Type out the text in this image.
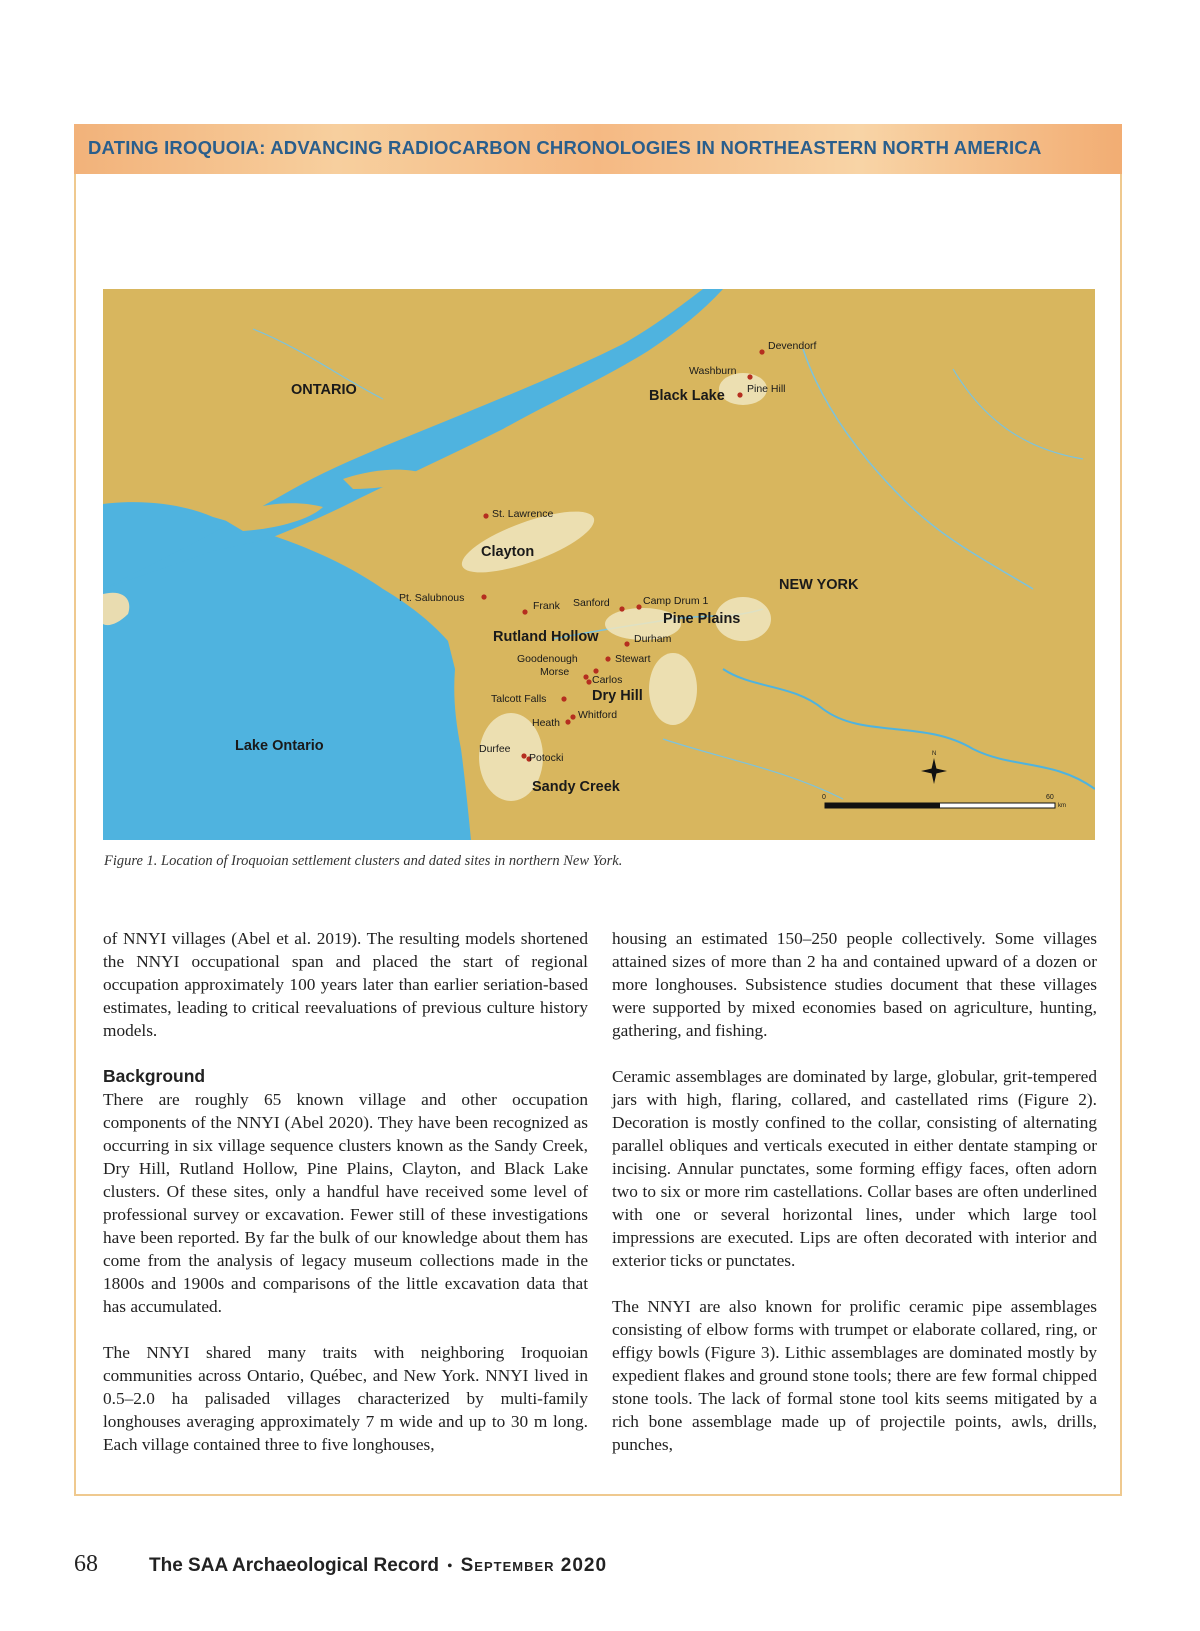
DATING IROQUOIA: ADVANCING RADIOCARBON CHRONOLOGIES IN NORTHEASTERN NORTH AMERICA
ONTARIO
NEW YORK
Lake Ontario
Black Lake
Clayton
Rutland Hollow
Pine Plains
Dry Hill
Sandy Creek
Devendorf
Washburn
Pine Hill
St. Lawrence
Pt. Salubnous
Frank Sanford	Camp Drum 1
Durham
Goodenough	Stewart
Morse
Carlos
Talcott Falls
Whitford
Heath
Durfee
Potocki	N
0	60
km
Figure 1. Location of Iroquoian settlement clusters and dated sites in northern New York.

of NNYI villages (Abel et al. 2019). The resulting models shortened the NNYI occupational span and placed the start of regional occupation approximately 100 years later than earlier seriation-based estimates, leading to critical reevaluations of previous culture history models.

Background

There are roughly 65 known village and other occupation components of the NNYI (Abel 2020). They have been recognized as occurring in six village sequence clusters known as the Sandy Creek, Dry Hill, Rutland Hollow, Pine Plains, Clayton, and Black Lake clusters. Of these sites, only a handful have received some level of professional survey or excavation. Fewer still of these investigations have been reported. By far the bulk of our knowledge about them has come from the analysis of legacy museum collections made in the 1800s and 1900s and comparisons of the little excavation data that has accumulated.

The NNYI shared many traits with neighboring Iroquoian communities across Ontario, Québec, and New York. NNYI lived in 0.5–2.0 ha palisaded villages characterized by multi-family longhouses averaging approximately 7 m wide and up to 30 m long. Each village contained three to five longhouses,

housing an estimated 150–250 people collectively. Some villages attained sizes of more than 2 ha and contained upward of a dozen or more longhouses. Subsistence studies document that these villages were supported by mixed economies based on agriculture, hunting, gathering, and fishing.

Ceramic assemblages are dominated by large, globular, grit-tempered jars with high, flaring, collared, and castellated rims (Figure 2). Decoration is mostly confined to the collar, consisting of alternating parallel obliques and verticals executed in either dentate stamping or incising. Annular punctates, some forming effigy faces, often adorn two to six or more rim castellations. Collar bases are often underlined with one or several horizontal lines, under which large tool impressions are executed. Lips are often decorated with interior and exterior ticks or punctates.

The NNYI are also known for prolific ceramic pipe assemblages consisting of elbow forms with trumpet or elaborate collared, ring, or effigy bowls (Figure 3). Lithic assemblages are dominated mostly by expedient flakes and ground stone tools; there are few formal chipped stone tools. The lack of formal stone tool kits seems mitigated by a rich bone assemblage made up of projectile points, awls, drills, punches,

68	The SAA Archaeological Record • September 2020
